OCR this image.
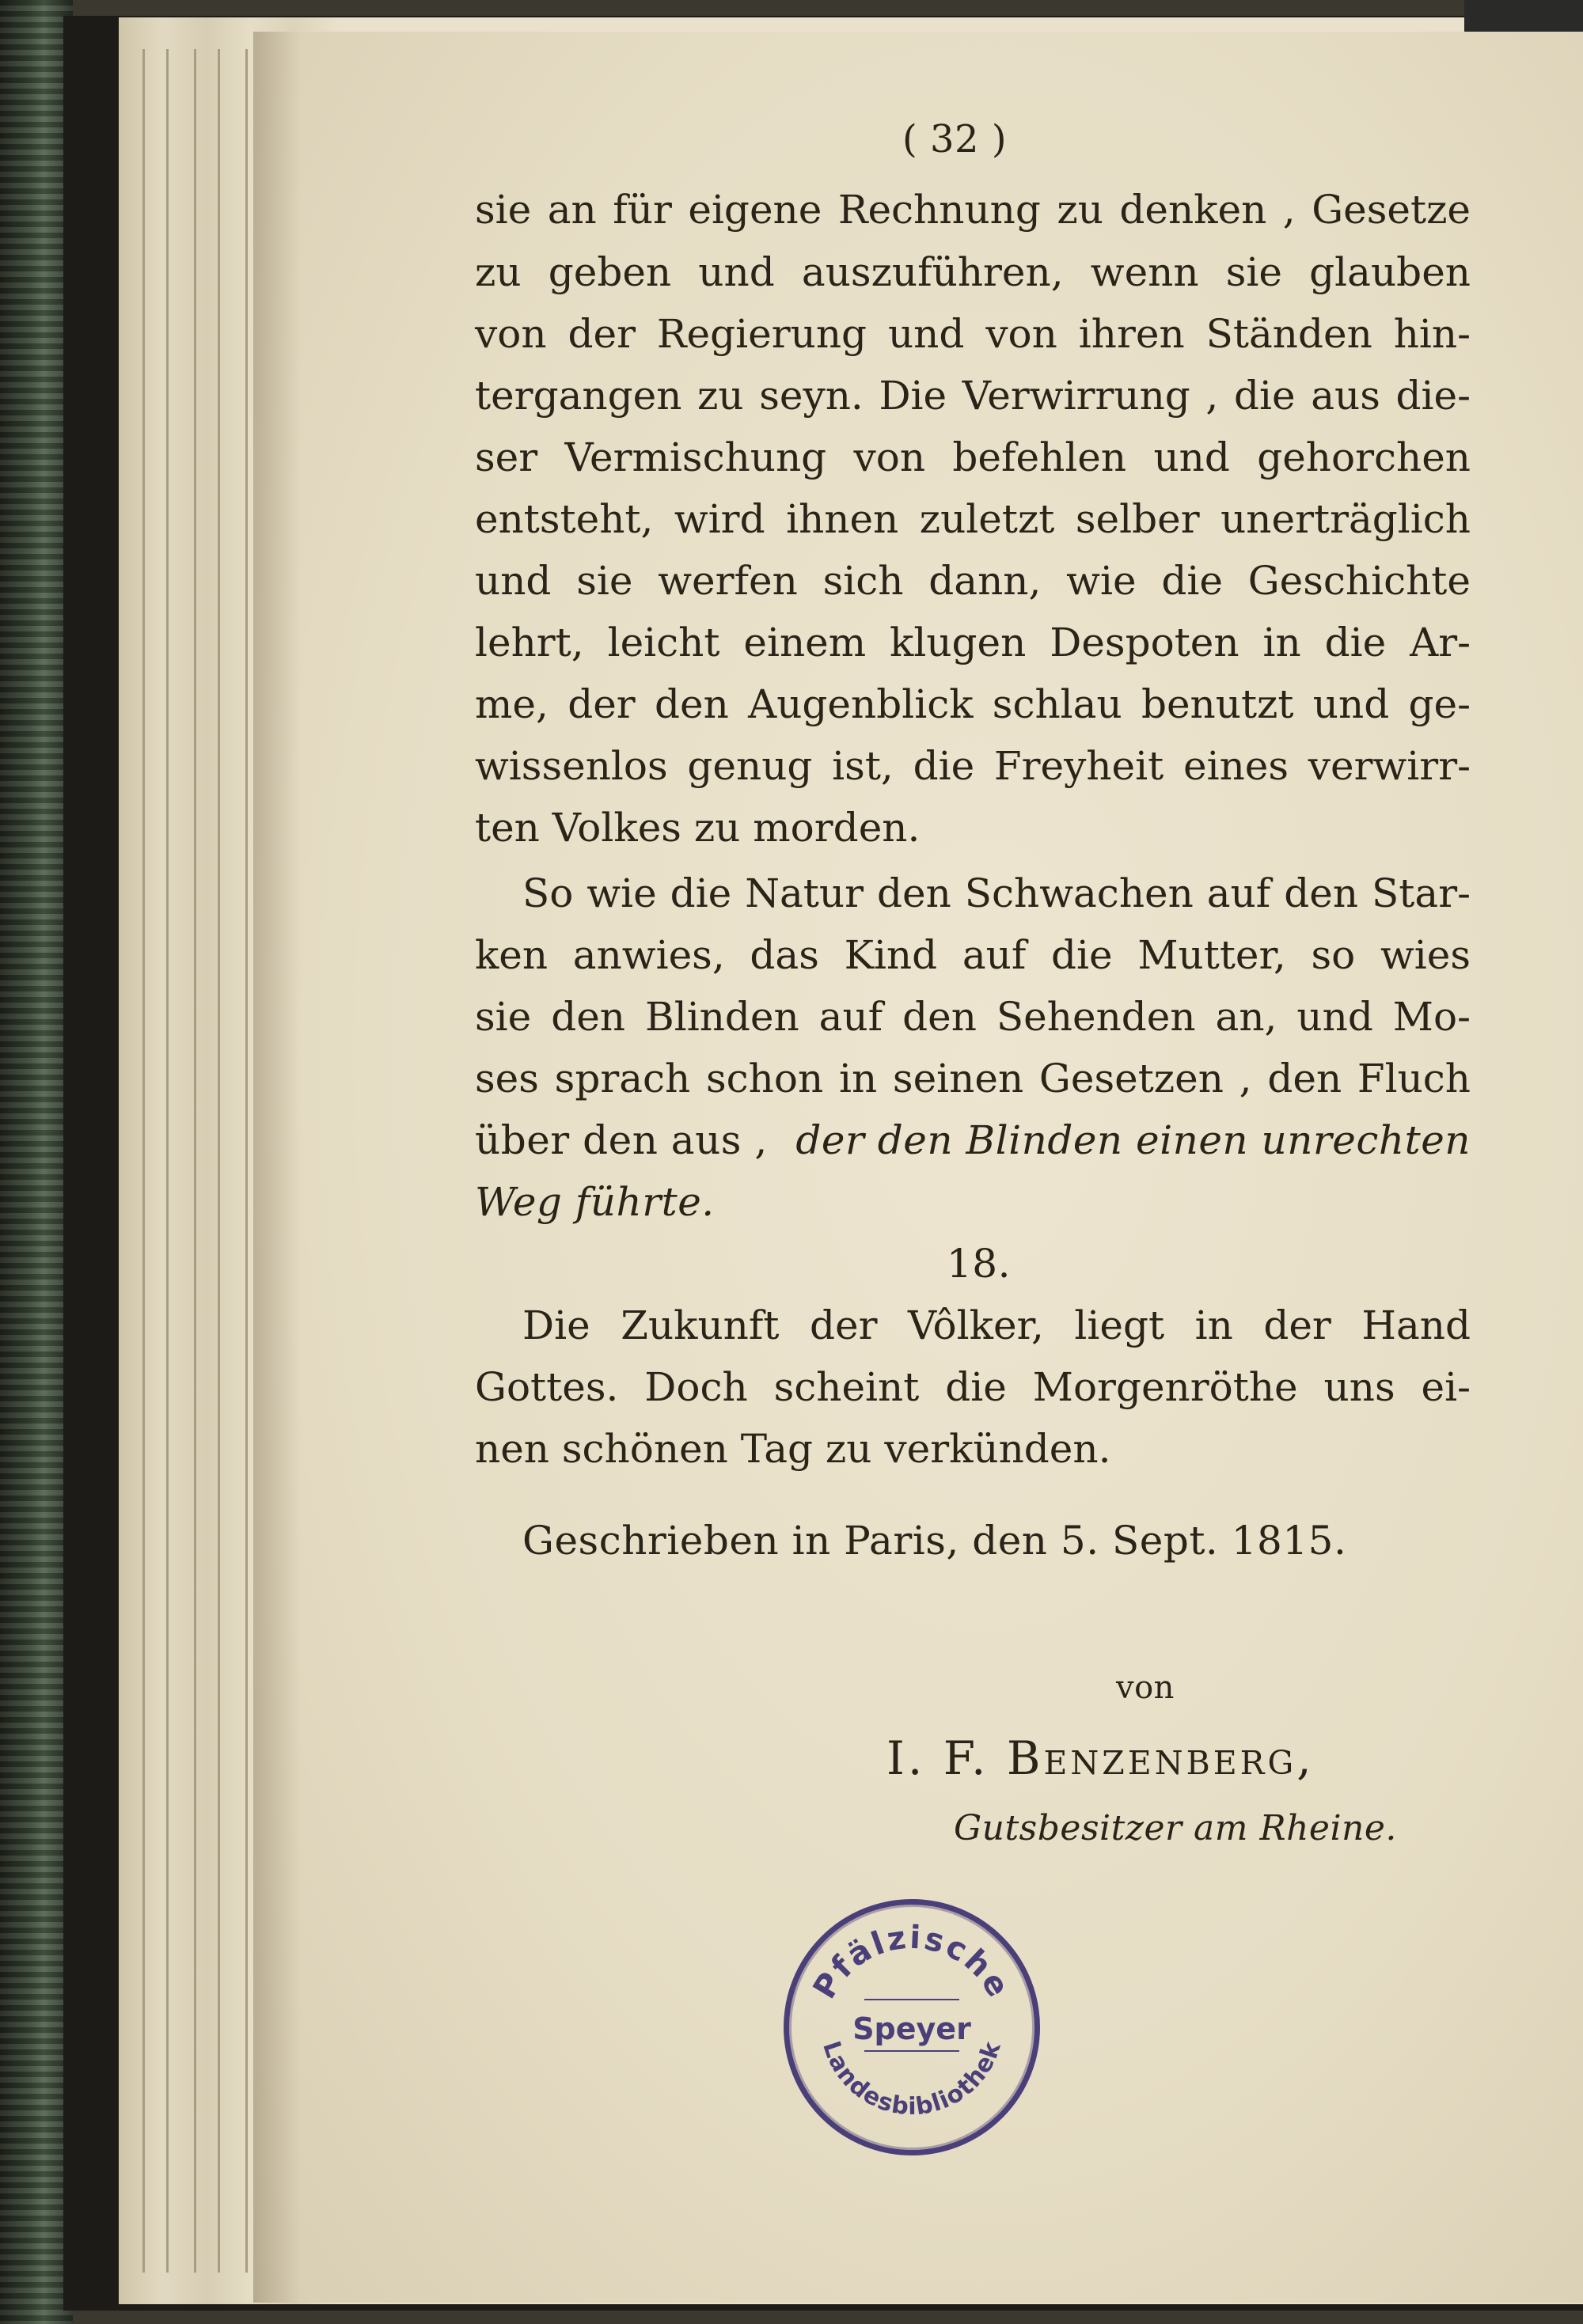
( 32 )
sie an für eigene Rechnung zu denken , Gesetze
zu geben und auszuführen, wenn sie glauben
von der Regierung und von ihren Ständen hin-
tergangen zu seyn. Die Verwirrung , die aus die-
ser Vermischung von befehlen und gehorchen
entsteht, wird ihnen zuletzt selber unerträglich
und sie werfen sich dann, wie die Geschichte
lehrt, leicht einem klugen Despoten in die Ar-
me, der den Augenblick schlau benutzt und ge-
wissenlos genug ist, die Freyheit eines verwirr-
ten Volkes zu morden.
So wie die Natur den Schwachen auf den Star-
ken anwies, das Kind auf die Mutter, so wies
sie den Blinden auf den Sehenden an, und Mo-
ses sprach schon in seinen Gesetzen , den Fluch
über den aus , der den Blinden einen unrechten
Weg führte.
18.
Die Zukunft der Vôlker, liegt in der Hand
Gottes. Doch scheint die Morgenröthe uns ei-
nen schönen Tag zu verkünden.
Geschrieben in Paris, den 5. Sept. 1815.
von
I. F. Benzenberg,
Gutsbesitzer am Rheine.
Pfälzische
Speyer
Landesbibliothek
